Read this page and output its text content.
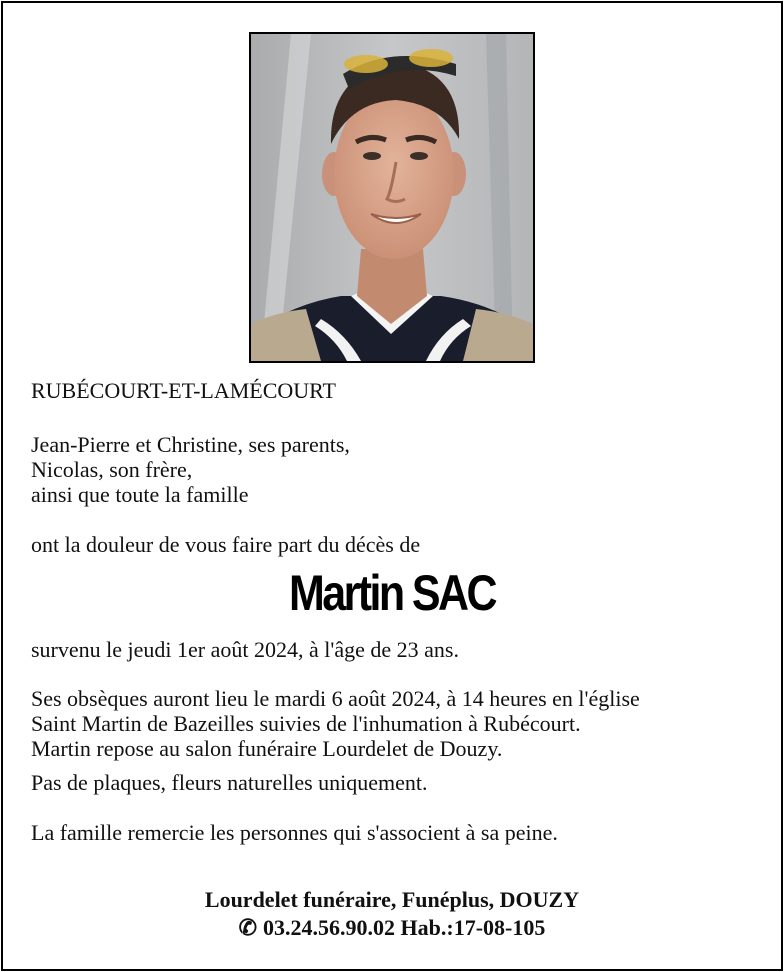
RUBÉCOURT-ET-LAMÉCOURT
Jean-Pierre et Christine, ses parents,
Nicolas, son frère,
ainsi que toute la famille
ont la douleur de vous faire part du décès de
Martin SAC
survenu le jeudi 1er août 2024, à l'âge de 23 ans.
Ses obsèques auront lieu le mardi 6 août 2024, à 14 heures en l'église
Saint Martin de Bazeilles suivies de l'inhumation à Rubécourt.
Martin repose au salon funéraire Lourdelet de Douzy.
Pas de plaques, fleurs naturelles uniquement.
La famille remercie les personnes qui s'associent à sa peine.
Lourdelet funéraire, Funéplus, DOUZY
✆ 03.24.56.90.02 Hab.:17-08-105
